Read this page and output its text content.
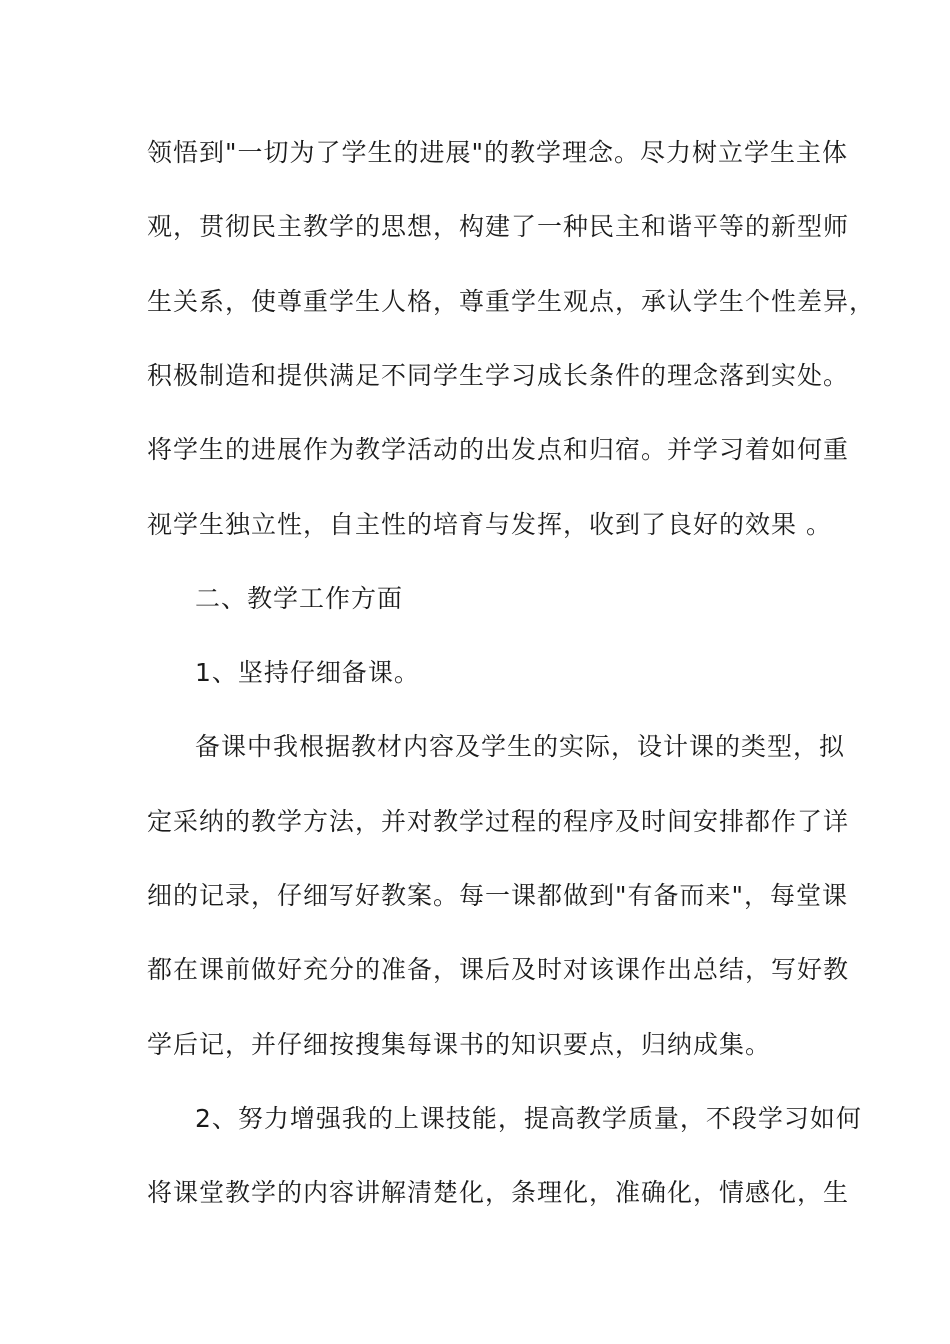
领悟到"一切为了学生的进展"的教学理念。尽力树立学生主体
观，贯彻民主教学的思想，构建了一种民主和谐平等的新型师
生关系，使尊重学生人格，尊重学生观点，承认学生个性差异，
积极制造和提供满足不同学生学习成长条件的理念落到实处。
将学生的进展作为教学活动的出发点和归宿。并学习着如何重
视学生独立性，自主性的培育与发挥，收到了良好的效果 。
二、教学工作方面
1、坚持仔细备课。
备课中我根据教材内容及学生的实际，设计课的类型，拟
定采纳的教学方法，并对教学过程的程序及时间安排都作了详
细的记录，仔细写好教案。每一课都做到"有备而来"，每堂课
都在课前做好充分的准备，课后及时对该课作出总结，写好教
学后记，并仔细按搜集每课书的知识要点，归纳成集。
2、努力增强我的上课技能，提高教学质量，不段学习如何
将课堂教学的内容讲解清楚化，条理化，准确化，情感化，生
